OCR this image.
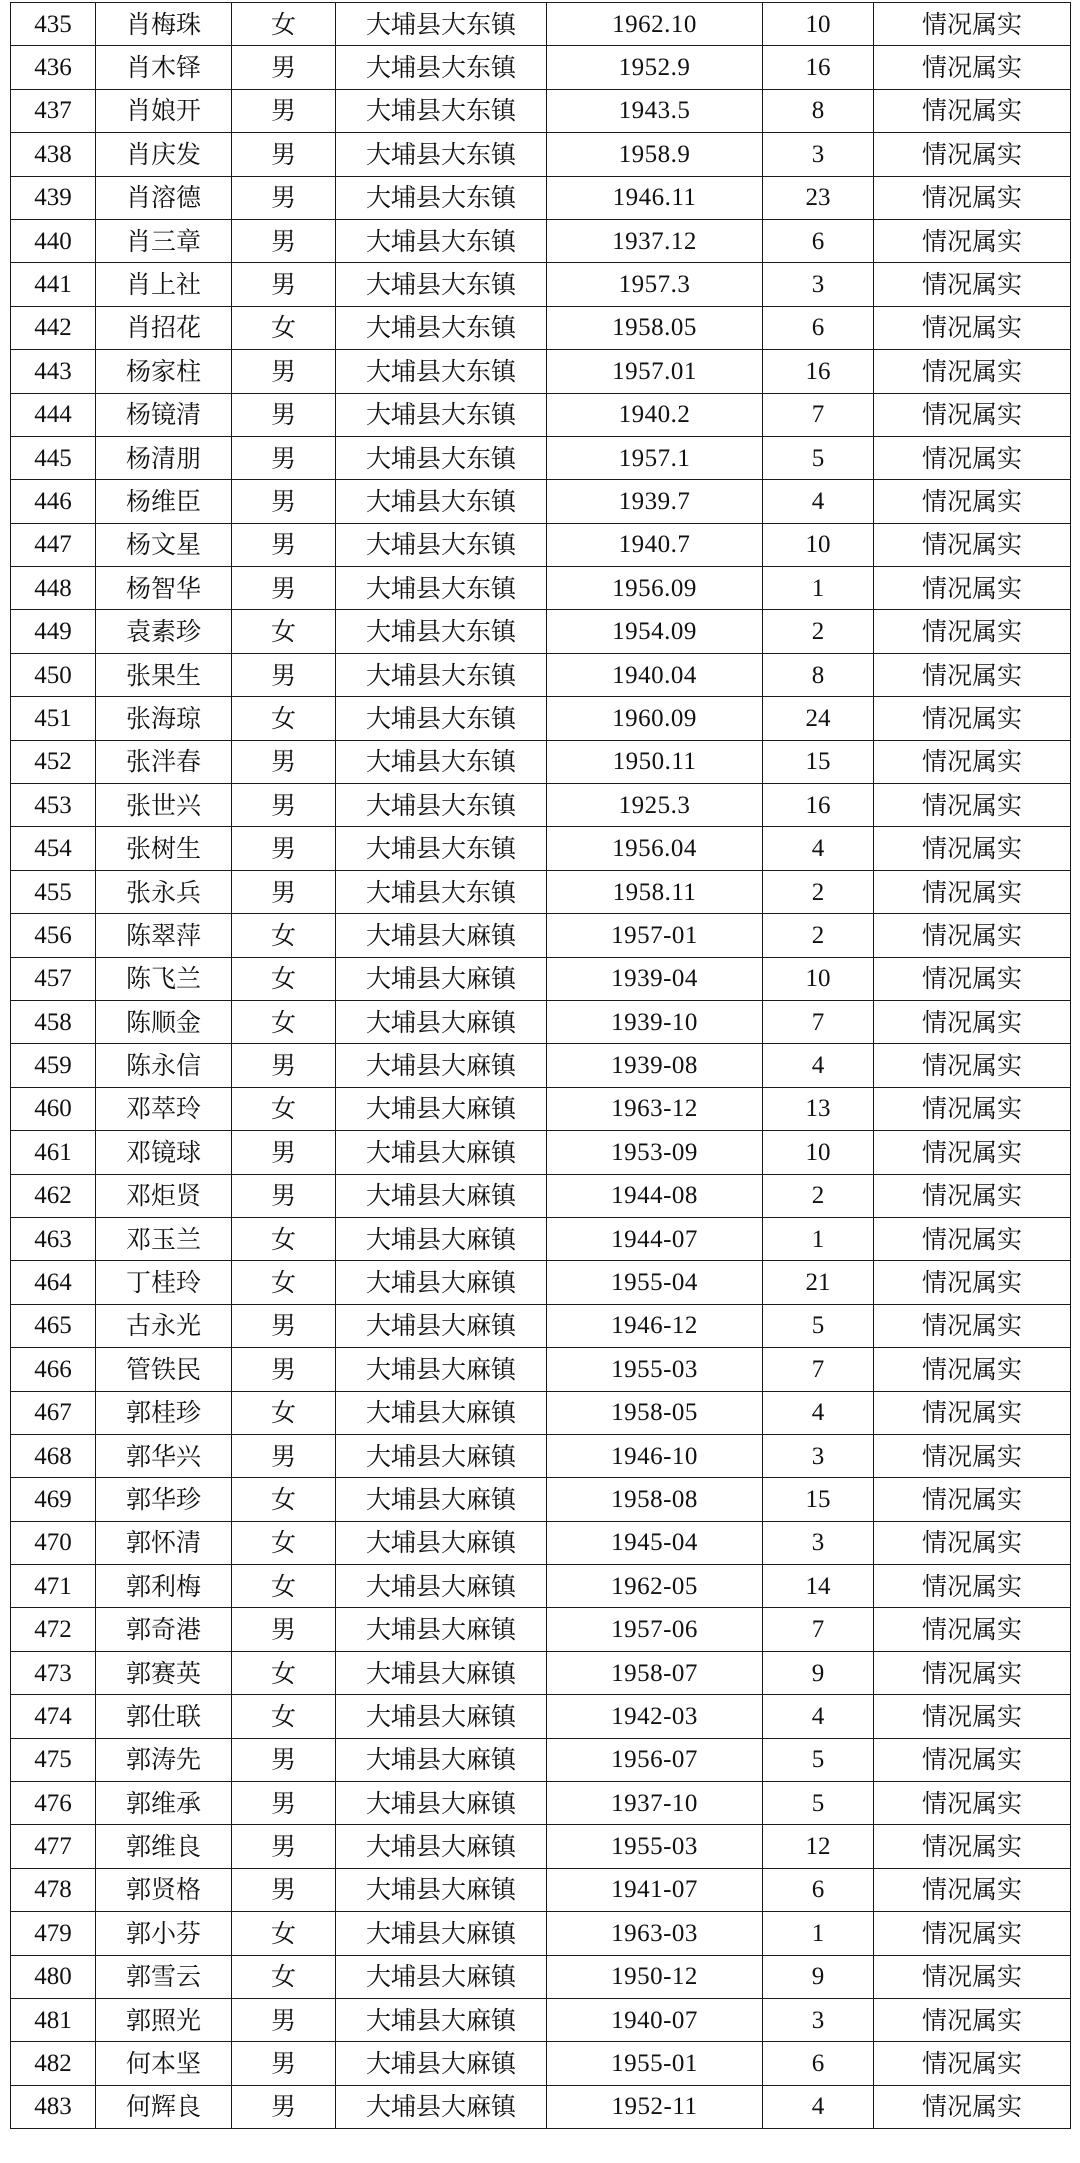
435	肖梅珠	女	大埔县大东镇	1962.10	10	情况属实
436	肖木铎	男	大埔县大东镇	1952.9	16	情况属实
437	肖娘开	男	大埔县大东镇	1943.5	8	情况属实
438	肖庆发	男	大埔县大东镇	1958.9	3	情况属实
439	肖溶德	男	大埔县大东镇	1946.11	23	情况属实
440	肖三章	男	大埔县大东镇	1937.12	6	情况属实
441	肖上社	男	大埔县大东镇	1957.3	3	情况属实
442	肖招花	女	大埔县大东镇	1958.05	6	情况属实
443	杨家柱	男	大埔县大东镇	1957.01	16	情况属实
444	杨镜清	男	大埔县大东镇	1940.2	7	情况属实
445	杨清朋	男	大埔县大东镇	1957.1	5	情况属实
446	杨维臣	男	大埔县大东镇	1939.7	4	情况属实
447	杨文星	男	大埔县大东镇	1940.7	10	情况属实
448	杨智华	男	大埔县大东镇	1956.09	1	情况属实
449	袁素珍	女	大埔县大东镇	1954.09	2	情况属实
450	张果生	男	大埔县大东镇	1940.04	8	情况属实
451	张海琼	女	大埔县大东镇	1960.09	24	情况属实
452	张泮春	男	大埔县大东镇	1950.11	15	情况属实
453	张世兴	男	大埔县大东镇	1925.3	16	情况属实
454	张树生	男	大埔县大东镇	1956.04	4	情况属实
455	张永兵	男	大埔县大东镇	1958.11	2	情况属实
456	陈翠萍	女	大埔县大麻镇	1957-01	2	情况属实
457	陈飞兰	女	大埔县大麻镇	1939-04	10	情况属实
458	陈顺金	女	大埔县大麻镇	1939-10	7	情况属实
459	陈永信	男	大埔县大麻镇	1939-08	4	情况属实
460	邓萃玲	女	大埔县大麻镇	1963-12	13	情况属实
461	邓镜球	男	大埔县大麻镇	1953-09	10	情况属实
462	邓炬贤	男	大埔县大麻镇	1944-08	2	情况属实
463	邓玉兰	女	大埔县大麻镇	1944-07	1	情况属实
464	丁桂玲	女	大埔县大麻镇	1955-04	21	情况属实
465	古永光	男	大埔县大麻镇	1946-12	5	情况属实
466	管铁民	男	大埔县大麻镇	1955-03	7	情况属实
467	郭桂珍	女	大埔县大麻镇	1958-05	4	情况属实
468	郭华兴	男	大埔县大麻镇	1946-10	3	情况属实
469	郭华珍	女	大埔县大麻镇	1958-08	15	情况属实
470	郭怀清	女	大埔县大麻镇	1945-04	3	情况属实
471	郭利梅	女	大埔县大麻镇	1962-05	14	情况属实
472	郭奇港	男	大埔县大麻镇	1957-06	7	情况属实
473	郭赛英	女	大埔县大麻镇	1958-07	9	情况属实
474	郭仕联	女	大埔县大麻镇	1942-03	4	情况属实
475	郭涛先	男	大埔县大麻镇	1956-07	5	情况属实
476	郭维承	男	大埔县大麻镇	1937-10	5	情况属实
477	郭维良	男	大埔县大麻镇	1955-03	12	情况属实
478	郭贤格	男	大埔县大麻镇	1941-07	6	情况属实
479	郭小芬	女	大埔县大麻镇	1963-03	1	情况属实
480	郭雪云	女	大埔县大麻镇	1950-12	9	情况属实
481	郭照光	男	大埔县大麻镇	1940-07	3	情况属实
482	何本坚	男	大埔县大麻镇	1955-01	6	情况属实
483	何辉良	男	大埔县大麻镇	1952-11	4	情况属实
